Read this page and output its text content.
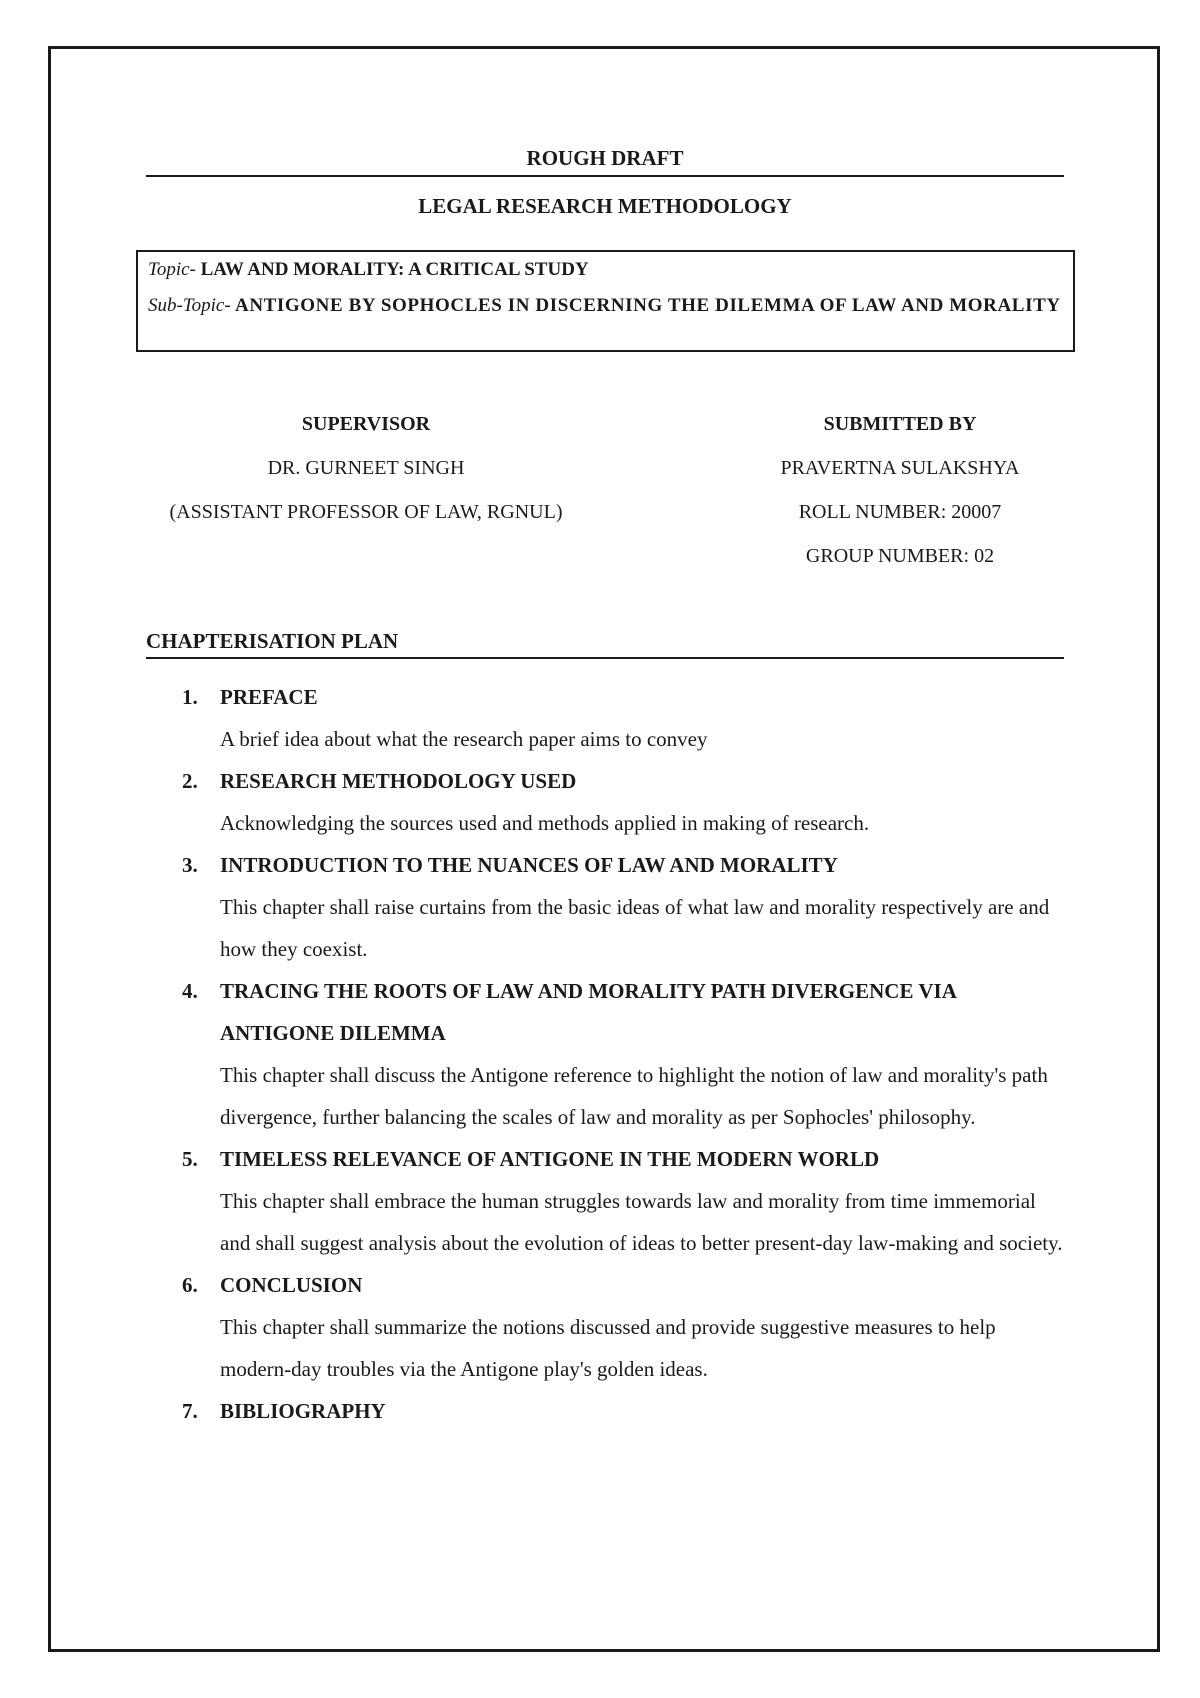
ROUGH DRAFT
LEGAL RESEARCH METHODOLOGY
Topic- LAW AND MORALITY: A CRITICAL STUDY
Sub-Topic- ANTIGONE BY SOPHOCLES IN DISCERNING THE DILEMMA OF LAW AND MORALITY
SUPERVISOR
DR. GURNEET SINGH
(ASSISTANT PROFESSOR OF LAW, RGNUL)
SUBMITTED BY
PRAVERTNA SULAKSHYA
ROLL NUMBER: 20007
GROUP NUMBER: 02
CHAPTERISATION PLAN
1. PREFACE
A brief idea about what the research paper aims to convey
2. RESEARCH METHODOLOGY USED
Acknowledging the sources used and methods applied in making of research.
3. INTRODUCTION TO THE NUANCES OF LAW AND MORALITY
This chapter shall raise curtains from the basic ideas of what law and morality respectively are and how they coexist.
4. TRACING THE ROOTS OF LAW AND MORALITY PATH DIVERGENCE VIA ANTIGONE DILEMMA
This chapter shall discuss the Antigone reference to highlight the notion of law and morality's path divergence, further balancing the scales of law and morality as per Sophocles' philosophy.
5. TIMELESS RELEVANCE OF ANTIGONE IN THE MODERN WORLD
This chapter shall embrace the human struggles towards law and morality from time immemorial and shall suggest analysis about the evolution of ideas to better present-day law-making and society.
6. CONCLUSION
This chapter shall summarize the notions discussed and provide suggestive measures to help modern-day troubles via the Antigone play's golden ideas.
7. BIBLIOGRAPHY
